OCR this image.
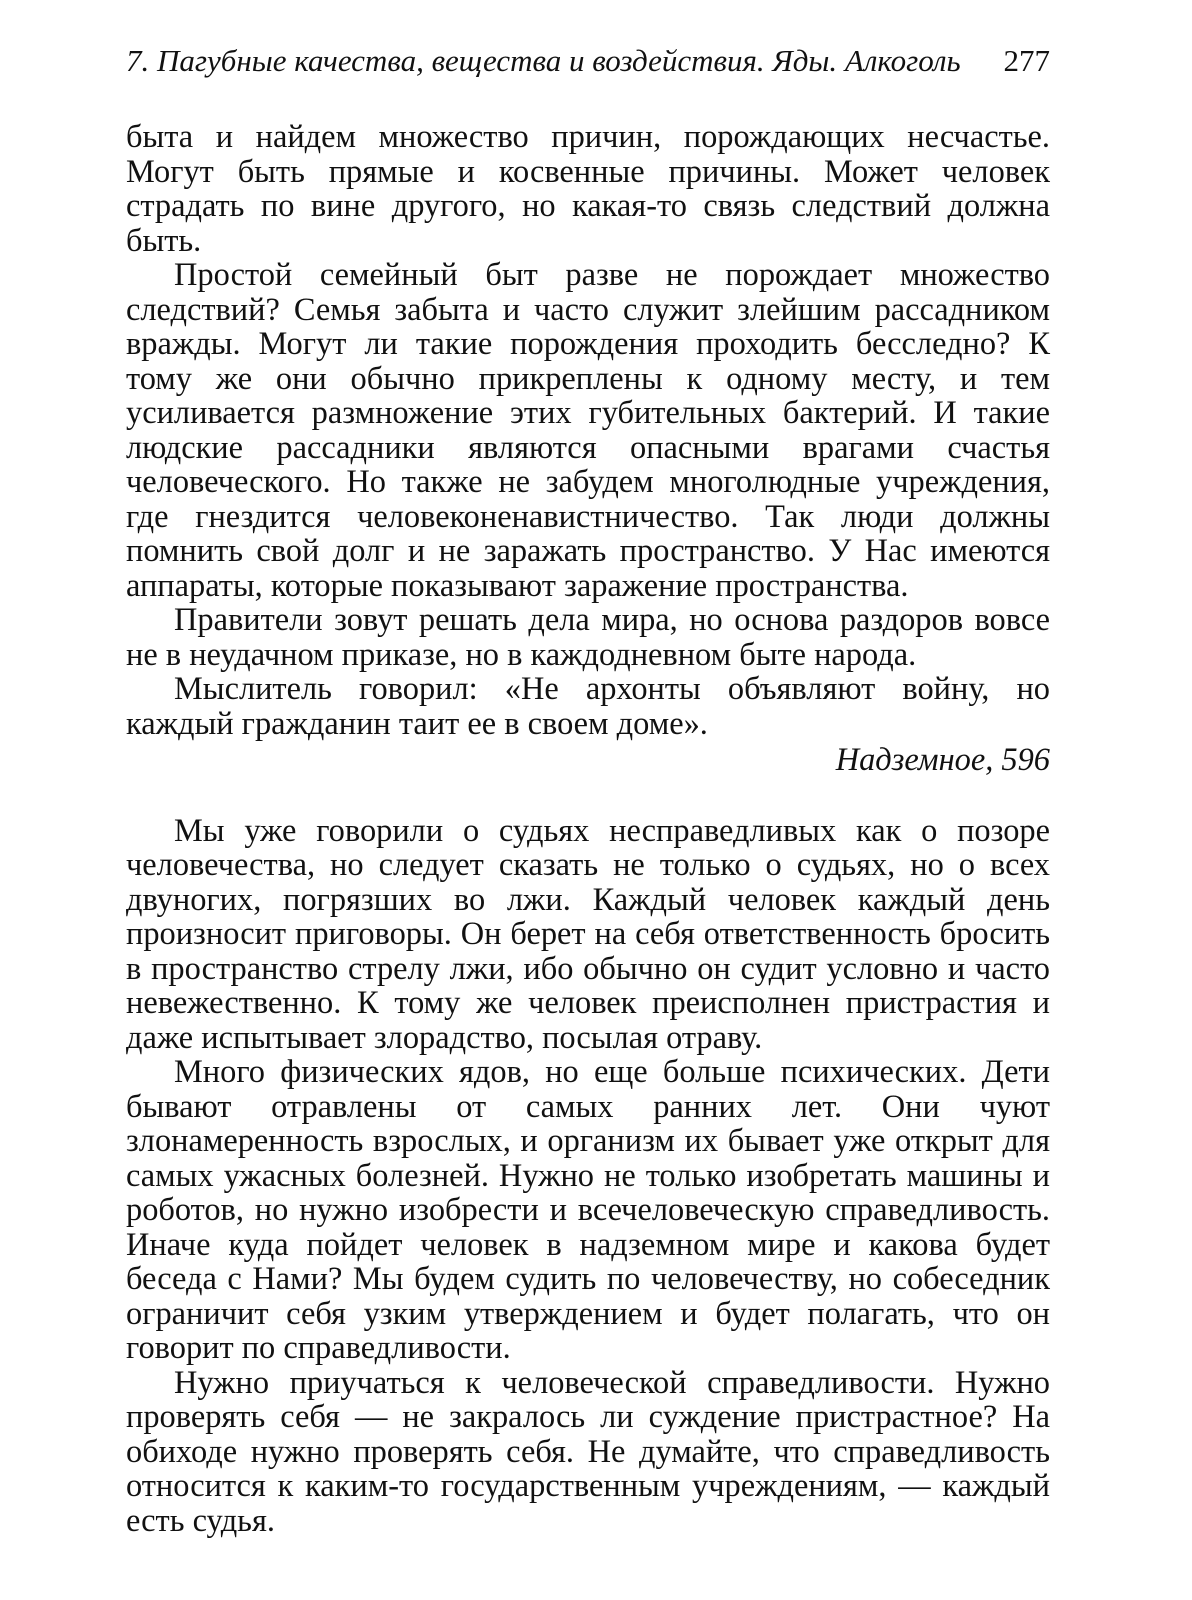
7. Пагубные качества, вещества и воздействия. Яды. Алкоголь 277

быта и найдем множество причин, порождающих несчастье. Могут быть прямые и косвенные причины. Может человек страдать по вине другого, но какая-то связь следствий должна быть.

Простой семейный быт разве не порождает множество следствий? Семья забыта и часто служит злейшим рассадником вражды. Могут ли такие порождения проходить бесследно? К тому же они обычно прикреплены к одному месту, и тем усиливается размножение этих губительных бактерий. И такие людские рассадники являются опасными врагами счастья человеческого. Но также не забудем многолюдные учреждения, где гнездится человеконенавистничество. Так люди должны помнить свой долг и не заражать пространство. У Нас имеются аппараты, которые показывают заражение пространства.

Правители зовут решать дела мира, но основа раздоров вовсе не в неудачном приказе, но в каждодневном быте народа.

Мыслитель говорил: «Не архонты объявляют войну, но каждый гражданин таит ее в своем доме».

Надземное, 596

Мы уже говорили о судьях несправедливых как о позоре человечества, но следует сказать не только о судьях, но о всех двуногих, погрязших во лжи. Каждый человек каждый день произносит приговоры. Он берет на себя ответственность бросить в пространство стрелу лжи, ибо обычно он судит условно и часто невежественно. К тому же человек преисполнен пристрастия и даже испытывает злорадство, посылая отраву.

Много физических ядов, но еще больше психических. Дети бывают отравлены от самых ранних лет. Они чуют злонамеренность взрослых, и организм их бывает уже открыт для самых ужасных болезней. Нужно не только изобретать машины и роботов, но нужно изобрести и всечеловеческую справедливость. Иначе куда пойдет человек в надземном мире и какова будет беседа с Нами? Мы будем судить по человечеству, но собеседник ограничит себя узким утверждением и будет полагать, что он говорит по справедливости.

Нужно приучаться к человеческой справедливости. Нужно проверять себя — не закралось ли суждение пристрастное? На обиходе нужно проверять себя. Не думайте, что справедливость относится к каким-то государственным учреждениям, — каждый есть судья.
